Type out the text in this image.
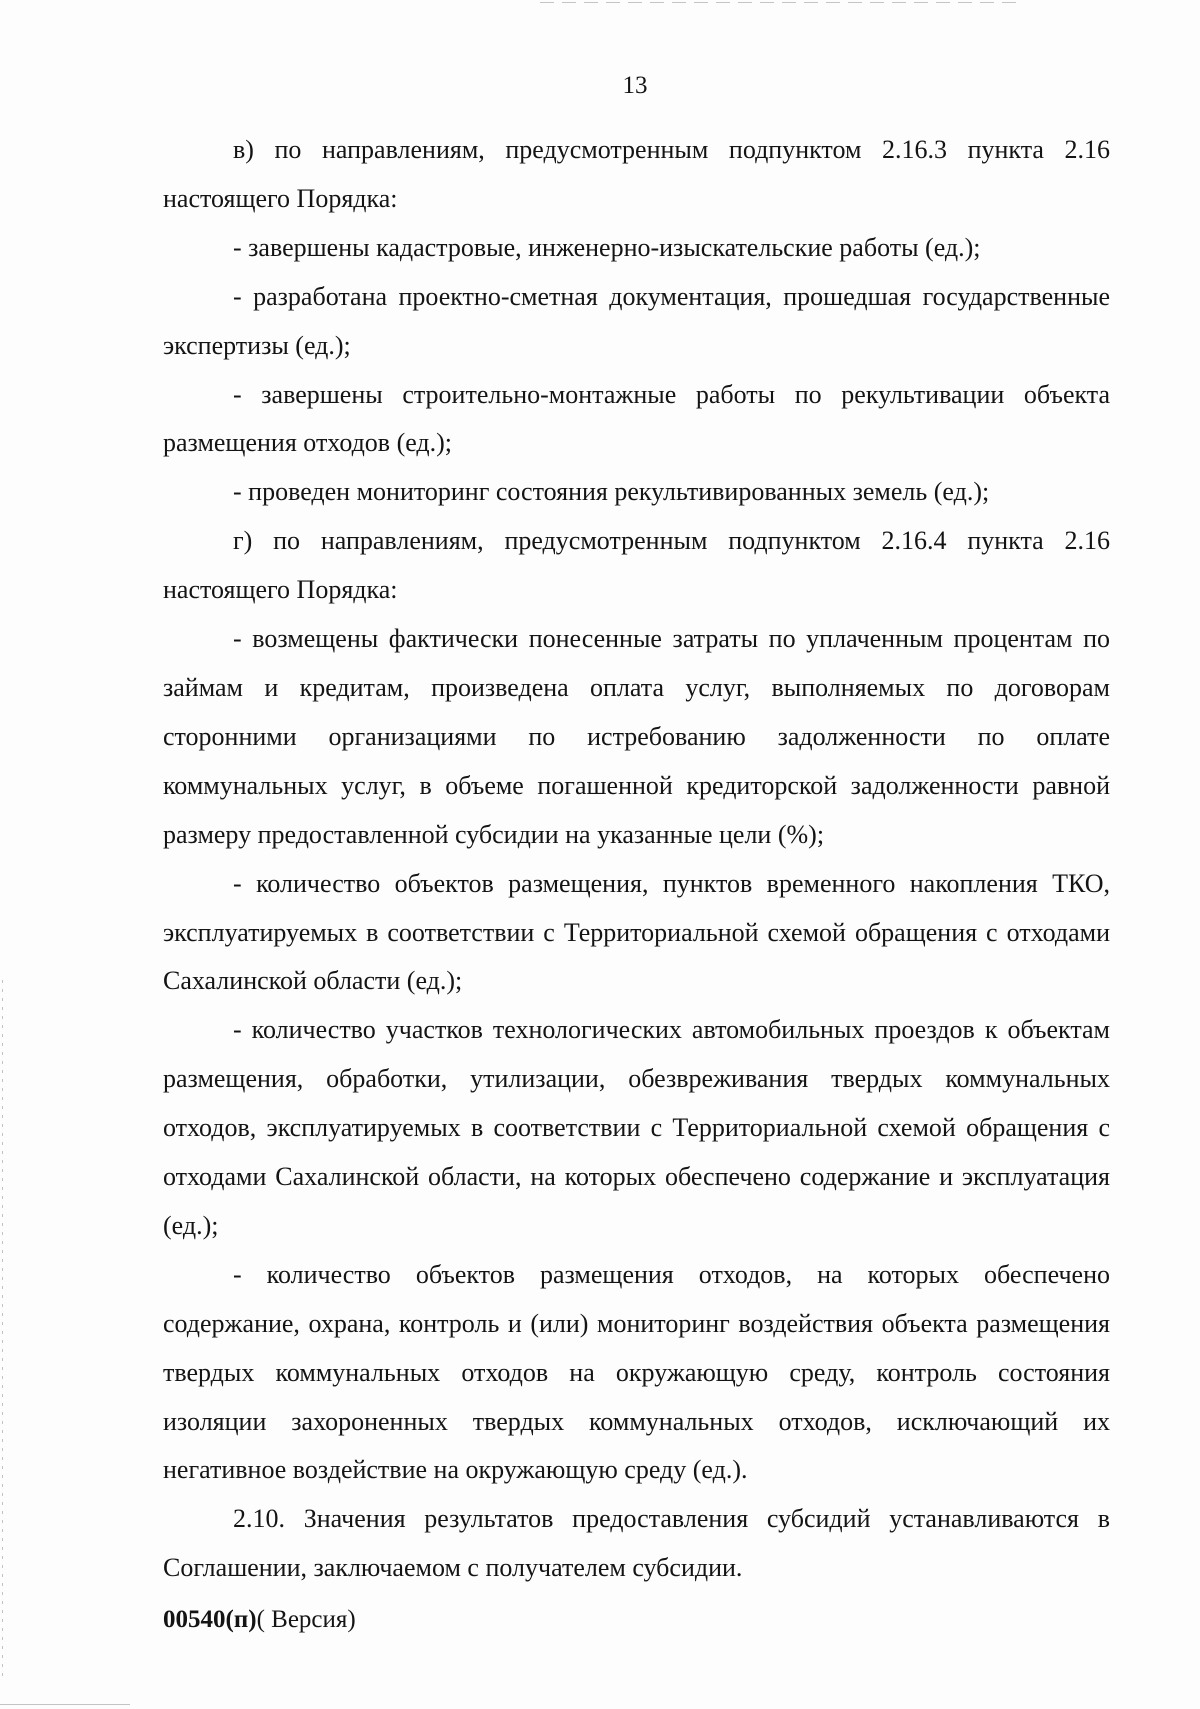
13

в) по направлениям, предусмотренным подпунктом 2.16.3 пункта 2.16 настоящего Порядка:

- завершены кадастровые, инженерно-изыскательские работы (ед.);

- разработана проектно-сметная документация, прошедшая государственные экспертизы (ед.);

- завершены строительно-монтажные работы по рекультивации объекта размещения отходов (ед.);

- проведен мониторинг состояния рекультивированных земель (ед.);

г) по направлениям, предусмотренным подпунктом 2.16.4 пункта 2.16 настоящего Порядка:

- возмещены фактически понесенные затраты по уплаченным процентам по займам и кредитам, произведена оплата услуг, выполняемых по договорам сторонними организациями по истребованию задолженности по оплате коммунальных услуг, в объеме погашенной кредиторской задолженности равной размеру предоставленной субсидии на указанные цели (%);

- количество объектов размещения, пунктов временного накопления ТКО, эксплуатируемых в соответствии с Территориальной схемой обращения с отходами Сахалинской области (ед.);

- количество участков технологических автомобильных проездов к объектам размещения, обработки, утилизации, обезвреживания твердых коммунальных отходов, эксплуатируемых в соответствии с Территориальной схемой обращения с отходами Сахалинской области, на которых обеспечено содержание и эксплуатация (ед.);

- количество объектов размещения отходов, на которых обеспечено содержание, охрана, контроль и (или) мониторинг воздействия объекта размещения твердых коммунальных отходов на окружающую среду, контроль состояния изоляции захороненных твердых коммунальных отходов, исключающий их негативное воздействие на окружающую среду (ед.).

2.10. Значения результатов предоставления субсидий устанавливаются в Соглашении, заключаемом с получателем субсидии.

00540(п)( Версия)
